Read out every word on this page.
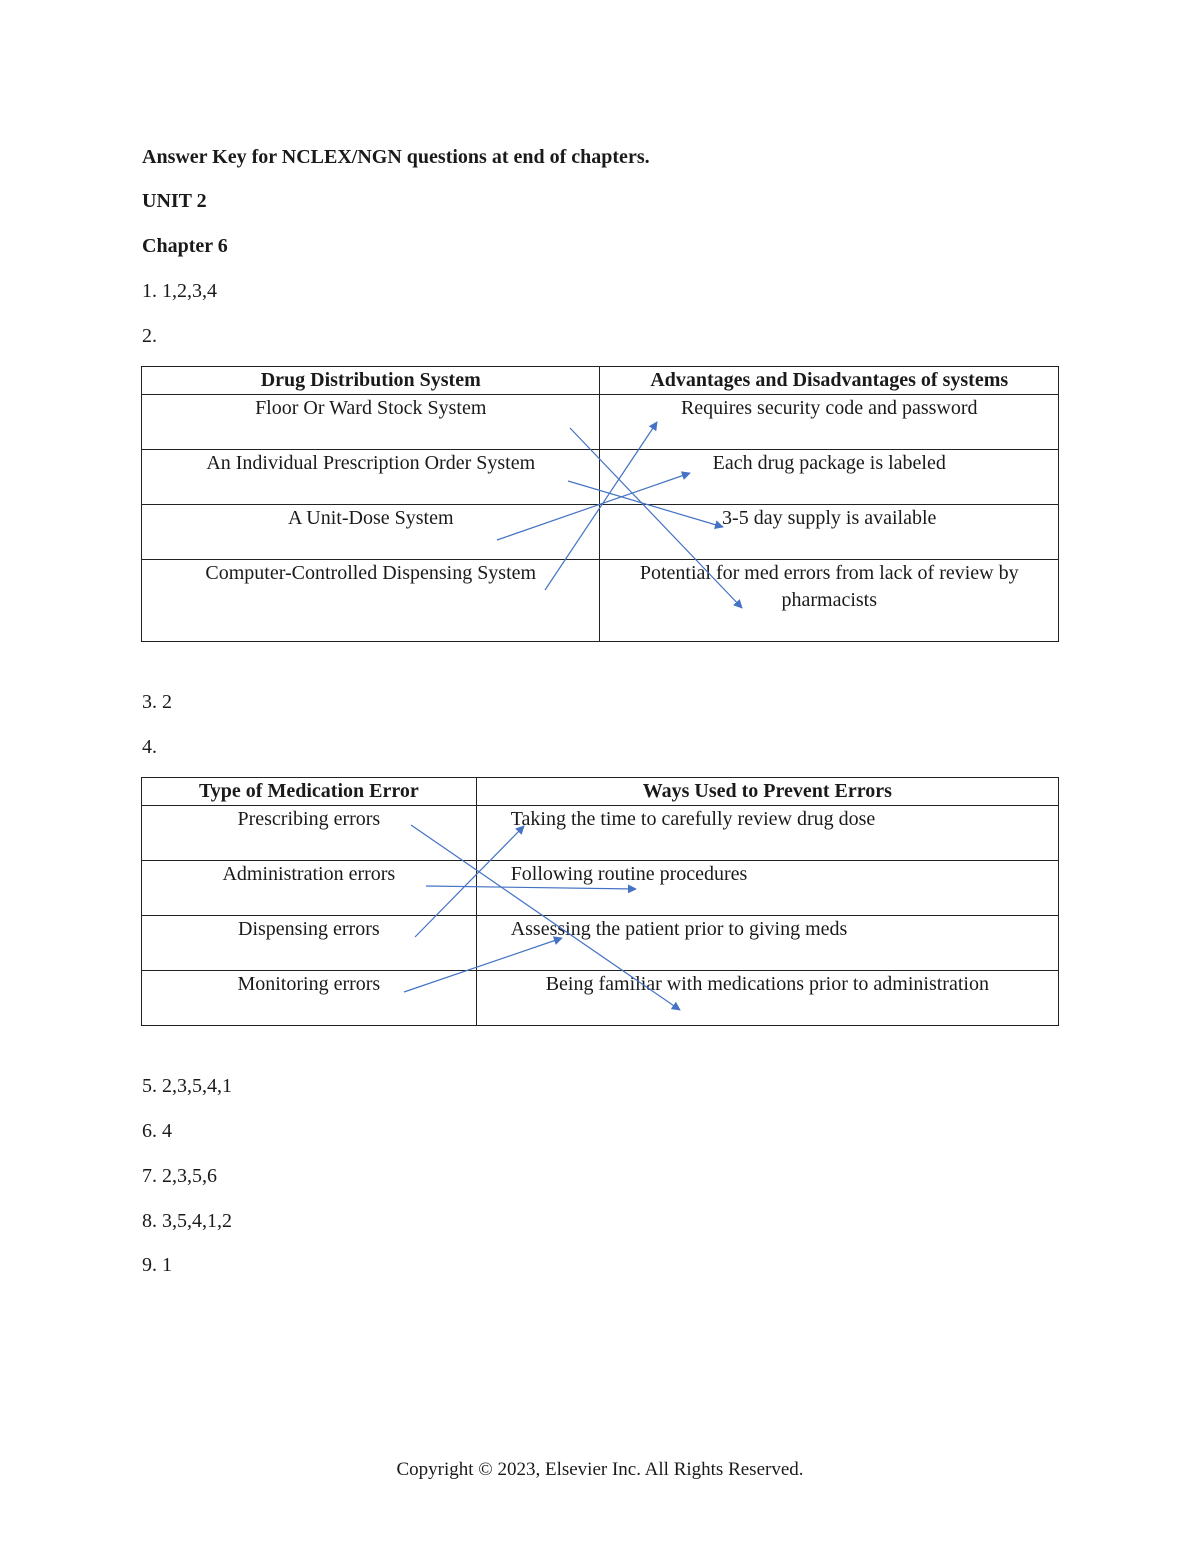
Answer Key for NCLEX/NGN questions at end of chapters.
UNIT 2
Chapter 6
1. 1,2,3,4
2.
Drug Distribution System	Advantages and Disadvantages of systems
Floor Or Ward Stock System	Requires security code and password
An Individual Prescription Order System	Each drug package is labeled
A Unit-Dose System	3-5 day supply is available
Computer-Controlled Dispensing System	Potential for med errors from lack of review by pharmacists
3. 2
4.
Type of Medication Error	Ways Used to Prevent Errors
Prescribing errors	Taking the time to carefully review drug dose
Administration errors	Following routine procedures
Dispensing errors	Assessing the patient prior to giving meds
Monitoring errors	Being familiar with medications prior to administration
5. 2,3,5,4,1
6. 4
7. 2,3,5,6
8. 3,5,4,1,2
9. 1
Copyright © 2023, Elsevier Inc. All Rights Reserved.
